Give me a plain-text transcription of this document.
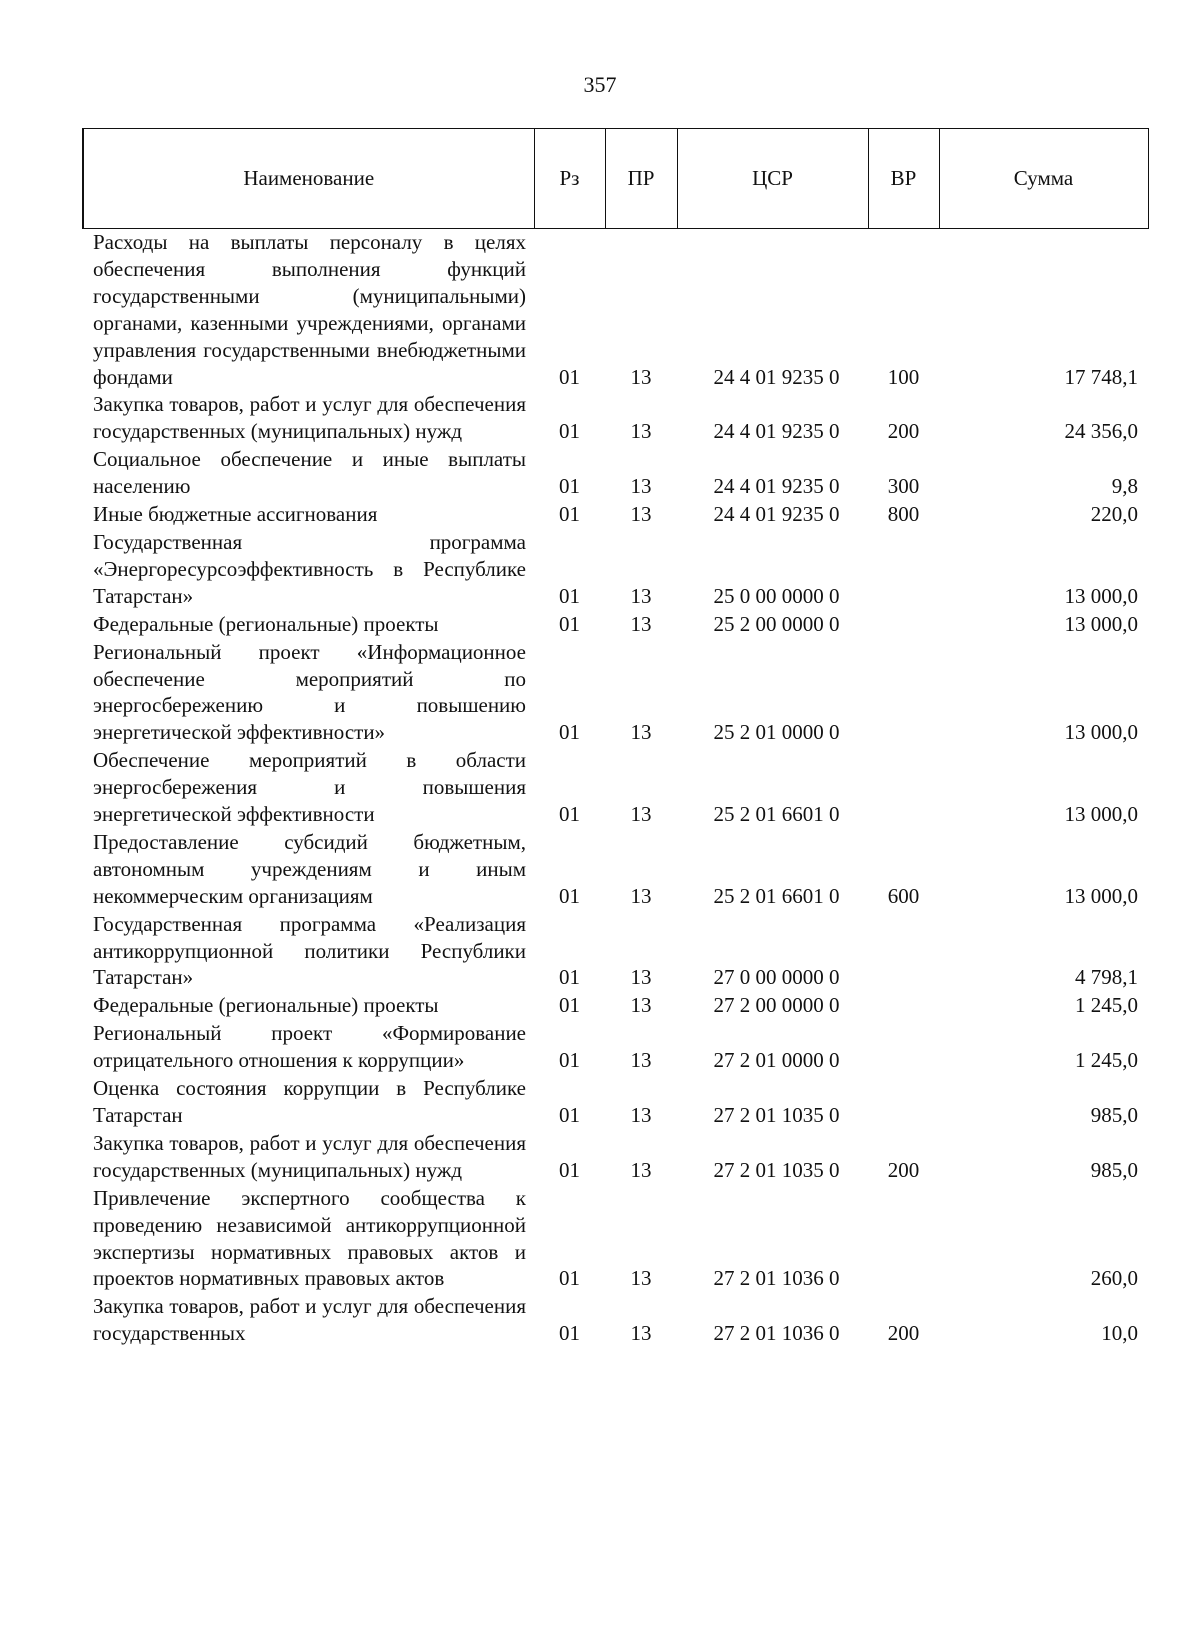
357
Наименование	Рз	ПР	ЦСР	ВР	Сумма
Расходы на выплаты персоналу в целях обеспечения выполнения функций государственными (муниципальными) органами, казенными учреждениями, органами управления государственными внебюджетными фондами	01	13	24 4 01 9235 0	100	17 748,1
Закупка товаров, работ и услуг для обеспечения государственных (муниципальных) нужд	01	13	24 4 01 9235 0	200	24 356,0
Социальное обеспечение и иные выплаты населению	01	13	24 4 01 9235 0	300	9,8
Иные бюджетные ассигнования	01	13	24 4 01 9235 0	800	220,0
Государственная программа «Энергоресурсоэффективность в Республике Татарстан»	01	13	25 0 00 0000 0		13 000,0
Федеральные (региональные) проекты	01	13	25 2 00 0000 0		13 000,0
Региональный проект «Информационное обеспечение мероприятий по энергосбережению и повышению энергетической эффективности»	01	13	25 2 01 0000 0		13 000,0
Обеспечение мероприятий в области энергосбережения и повышения энергетической эффективности	01	13	25 2 01 6601 0		13 000,0
Предоставление субсидий бюджетным, автономным учреждениям и иным некоммерческим организациям	01	13	25 2 01 6601 0	600	13 000,0
Государственная программа «Реализация антикоррупционной политики Республики Татарстан»	01	13	27 0 00 0000 0		4 798,1
Федеральные (региональные) проекты	01	13	27 2 00 0000 0		1 245,0
Региональный проект «Формирование отрицательного отношения к коррупции»	01	13	27 2 01 0000 0		1 245,0
Оценка состояния коррупции в Республике Татарстан	01	13	27 2 01 1035 0		985,0
Закупка товаров, работ и услуг для обеспечения государственных (муниципальных) нужд	01	13	27 2 01 1035 0	200	985,0
Привлечение экспертного сообщества к проведению независимой антикоррупционной экспертизы нормативных правовых актов и проектов нормативных правовых актов	01	13	27 2 01 1036 0		260,0
Закупка товаров, работ и услуг для обеспечения государственных	01	13	27 2 01 1036 0	200	10,0
